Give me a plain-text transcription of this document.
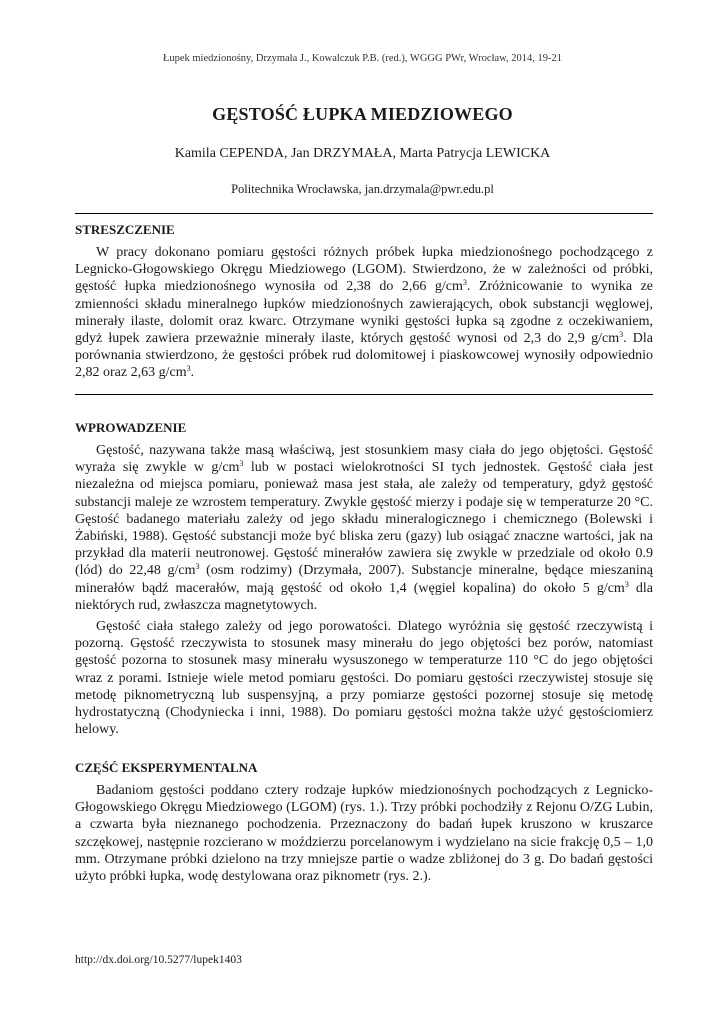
Łupek miedzionośny, Drzymała J., Kowalczuk P.B. (red.), WGGG PWr, Wrocław, 2014, 19-21
GĘSTOŚĆ ŁUPKA MIEDZIOWEGO
Kamila CEPENDA, Jan DRZYMAŁA, Marta Patrycja LEWICKA
Politechnika Wrocławska, jan.drzymala@pwr.edu.pl
STRESZCZENIE

W pracy dokonano pomiaru gęstości różnych próbek łupka miedzionośnego pochodzącego z Legnicko-Głogowskiego Okręgu Miedziowego (LGOM). Stwierdzono, że w zależności od próbki, gęstość łupka miedzionośnego wynosiła od 2,38 do 2,66 $g/cm^3$. Zróżnicowanie to wynika ze zmienności składu mineralnego łupków miedzionośnych zawierających, obok substancji węglowej, minerały ilaste, dolomit oraz kwarc. Otrzymane wyniki gęstości łupka są zgodne z oczekiwaniem, gdyż łupek zawiera przeważnie minerały ilaste, których gęstość wynosi od 2,3 do 2,9 $g/cm^3$. Dla porównania stwierdzono, że gęstości próbek rud dolomitowej i piaskowcowej wynosiły odpowiednio 2,82 oraz 2,63 $g/cm^3$.

WPROWADZENIE

Gęstość, nazywana także masą właściwą, jest stosunkiem masy ciała do jego objętości. Gęstość wyraża się zwykle w $g/cm^3$ lub w postaci wielokrotności SI tych jednostek. Gęstość ciała jest niezależna od miejsca pomiaru, ponieważ masa jest stała, ale zależy od temperatury, gdyż gęstość substancji maleje ze wzrostem temperatury. Zwykle gęstość mierzy i podaje się w temperaturze 20 °C. Gęstość badanego materiału zależy od jego składu mineralogicznego i chemicznego (Bolewski i Żabiński, 1988). Gęstość substancji może być bliska zeru (gazy) lub osiągać znaczne wartości, jak na przykład dla materii neutronowej. Gęstość minerałów zawiera się zwykle w przedziale od około 0.9 (lód) do 22,48 $g/cm^3$ (osm rodzimy) (Drzymała, 2007). Substancje mineralne, będące mieszaniną minerałów bądź macerałów, mają gęstość od około 1,4 (węgiel kopalina) do około 5 $g/cm^3$ dla niektórych rud, zwłaszcza magnetytowych.

Gęstość ciała stałego zależy od jego porowatości. Dlatego wyróżnia się gęstość rzeczywistą i pozorną. Gęstość rzeczywista to stosunek masy minerału do jego objętości bez porów, natomiast gęstość pozorna to stosunek masy minerału wysuszonego w temperaturze 110 °C do jego objętości wraz z porami. Istnieje wiele metod pomiaru gęstości. Do pomiaru gęstości rzeczywistej stosuje się metodę piknometryczną lub suspensyjną, a przy pomiarze gęstości pozornej stosuje się metodę hydrostatyczną (Chodyniecka i inni, 1988). Do pomiaru gęstości można także użyć gęstościomierz helowy.

CZĘŚĆ EKSPERYMENTALNA

Badaniom gęstości poddano cztery rodzaje łupków miedzionośnych pochodzących z Legnicko-Głogowskiego Okręgu Miedziowego (LGOM) (rys. 1.). Trzy próbki pochodziły z Rejonu O/ZG Lubin, a czwarta była nieznanego pochodzenia. Przeznaczony do badań łupek kruszono w kruszarce szczękowej, następnie rozcierano w moździerzu porcelanowym i wydzielano na sicie frakcję 0,5 – 1,0 mm. Otrzymane próbki dzielono na trzy mniejsze partie o wadze zbliżonej do 3 g. Do badań gęstości użyto próbki łupka, wodę destylowana oraz piknometr (rys. 2.).

http://dx.doi.org/10.5277/lupek1403
